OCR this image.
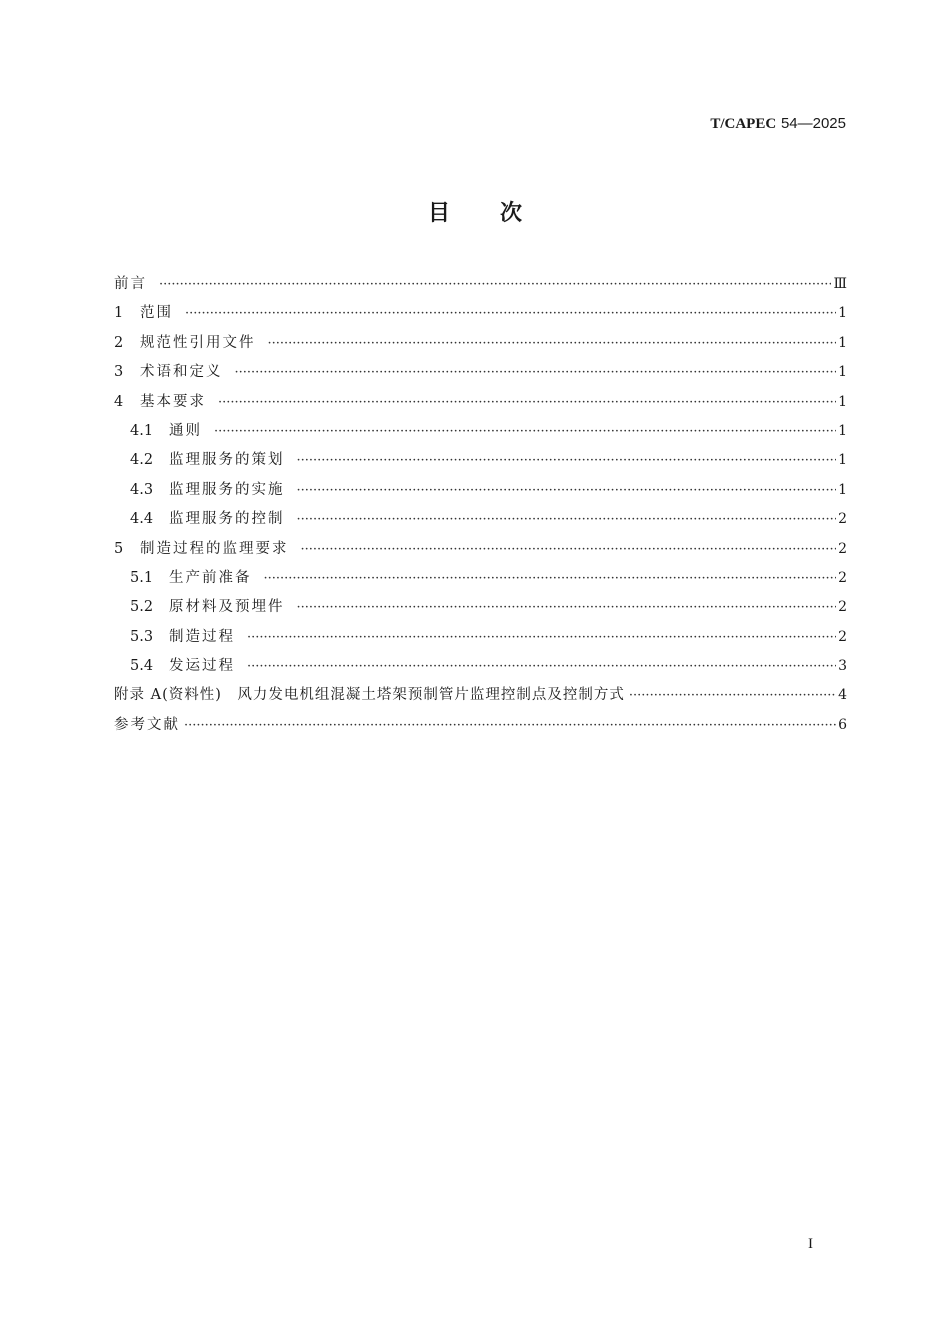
T/CAPEC 54—2025
目 次
前言 ·····	Ⅲ
1	范围 ·····	1
2	规范性引用文件 ·····	1
3	术语和定义 ·····	1
4	基本要求 ·····	1
4.1	通则 ·····	1
4.2	监理服务的策划 ·····	1
4.3	监理服务的实施 ·····	1
4.4	监理服务的控制 ·····	2
5	制造过程的监理要求 ·····	2
5.1	生产前准备 ·····	2
5.2	原材料及预埋件 ·····	2
5.3	制造过程 ·····	2
5.4	发运过程 ·····	3
附录 A(资料性)　风力发电机组混凝土塔架预制管片监理控制点及控制方式 ·····	4
参考文献 ·····	6
I
